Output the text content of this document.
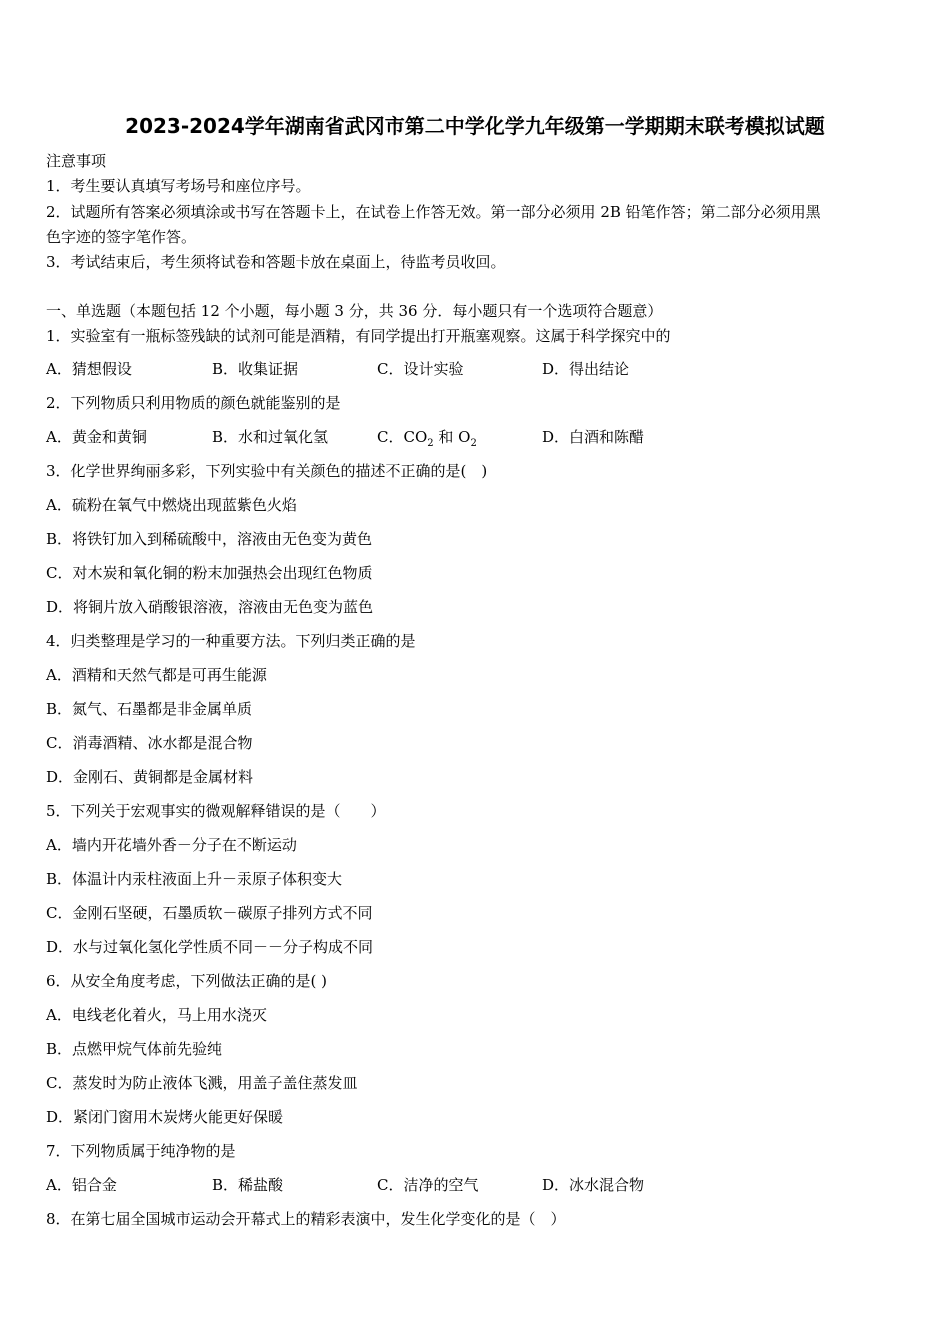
2023-2024学年湖南省武冈市第二中学化学九年级第一学期期末联考模拟试题
注意事项
1．考生要认真填写考场号和座位序号。
2．试题所有答案必须填涂或书写在答题卡上，在试卷上作答无效。第一部分必须用 2B 铅笔作答；第二部分必须用黑
色字迹的签字笔作答。
3．考试结束后，考生须将试卷和答题卡放在桌面上，待监考员收回。
一、单选题（本题包括 12 个小题，每小题 3 分，共 36 分．每小题只有一个选项符合题意）
1．实验室有一瓶标签残缺的试剂可能是酒精，有同学提出打开瓶塞观察。这属于科学探究中的
A．猜想假设	B．收集证据	C．设计实验	D．得出结论
2．下列物质只利用物质的颜色就能鉴别的是
A．黄金和黄铜	B．水和过氧化氢	C．$CO_2$ 和 $O_2$	D．白酒和陈醋
3．化学世界绚丽多彩，下列实验中有关颜色的描述不正确的是(　)
A．硫粉在氧气中燃烧出现蓝紫色火焰
B．将铁钉加入到稀硫酸中，溶液由无色变为黄色
C．对木炭和氧化铜的粉末加强热会出现红色物质
D．将铜片放入硝酸银溶液，溶液由无色变为蓝色
4．归类整理是学习的一种重要方法。下列归类正确的是
A．酒精和天然气都是可再生能源
B．氮气、石墨都是非金属单质
C．消毒酒精、冰水都是混合物
D．金刚石、黄铜都是金属材料
5．下列关于宏观事实的微观解释错误的是（　　）
A．墙内开花墙外香－分子在不断运动
B．体温计内汞柱液面上升－汞原子体积变大
C．金刚石坚硬，石墨质软－碳原子排列方式不同
D．水与过氧化氢化学性质不同－－分子构成不同
6．从安全角度考虑，下列做法正确的是( )
A．电线老化着火，马上用水浇灭
B．点燃甲烷气体前先验纯
C．蒸发时为防止液体飞溅，用盖子盖住蒸发皿
D．紧闭门窗用木炭烤火能更好保暖
7．下列物质属于纯净物的是
A．铝合金	B．稀盐酸	C．洁净的空气	D．冰水混合物
8．在第七届全国城市运动会开幕式上的精彩表演中，发生化学变化的是（　）
